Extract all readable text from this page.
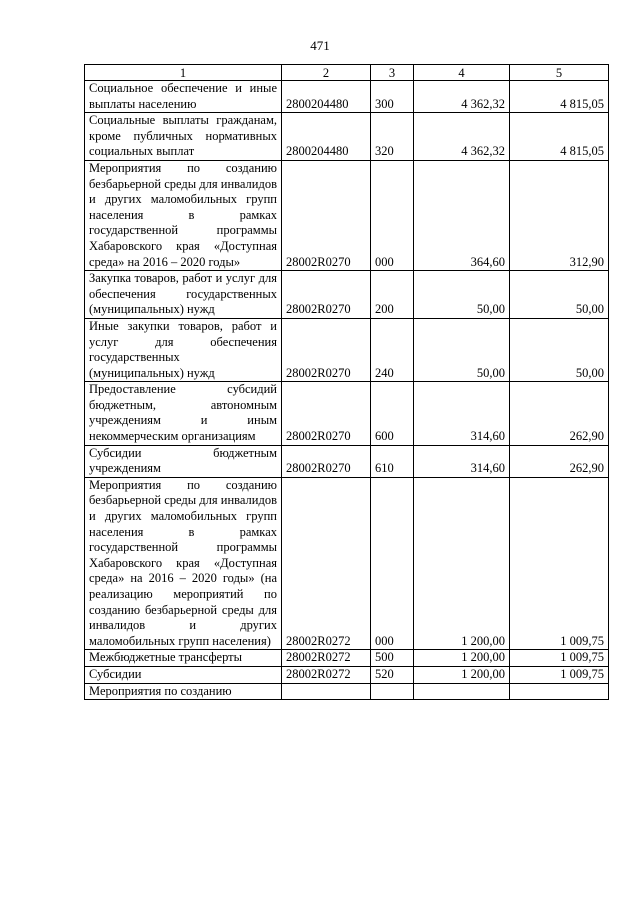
471
1	2	3	4	5
Социальное обеспечение и иные выплаты населению	2800204480	300	4 362,32	4 815,05
Социальные выплаты гражданам, кроме публичных нормативных социальных выплат	2800204480	320	4 362,32	4 815,05
Мероприятия по созданию безбарьерной среды для инвалидов и других маломобильных групп населения в рамках государственной программы Хабаровского края «Доступная среда» на 2016 – 2020 годы»	28002R0270	000	364,60	312,90
Закупка товаров, работ и услуг для обеспечения государственных (муниципальных) нужд	28002R0270	200	50,00	50,00
Иные закупки товаров, работ и услуг для обеспечения государственных (муниципальных) нужд	28002R0270	240	50,00	50,00
Предоставление субсидий бюджетным, автономным учреждениям и иным некоммерческим организациям	28002R0270	600	314,60	262,90
Субсидии бюджетным учреждениям	28002R0270	610	314,60	262,90
Мероприятия по созданию безбарьерной среды для инвалидов и других маломобильных групп населения в рамках государственной программы Хабаровского края «Доступная среда» на 2016 – 2020 годы» (на реализацию мероприятий по созданию безбарьерной среды для инвалидов и других маломобильных групп населения)	28002R0272	000	1 200,00	1 009,75
Межбюджетные трансферты	28002R0272	500	1 200,00	1 009,75
Субсидии	28002R0272	520	1 200,00	1 009,75
Мероприятия по созданию				
